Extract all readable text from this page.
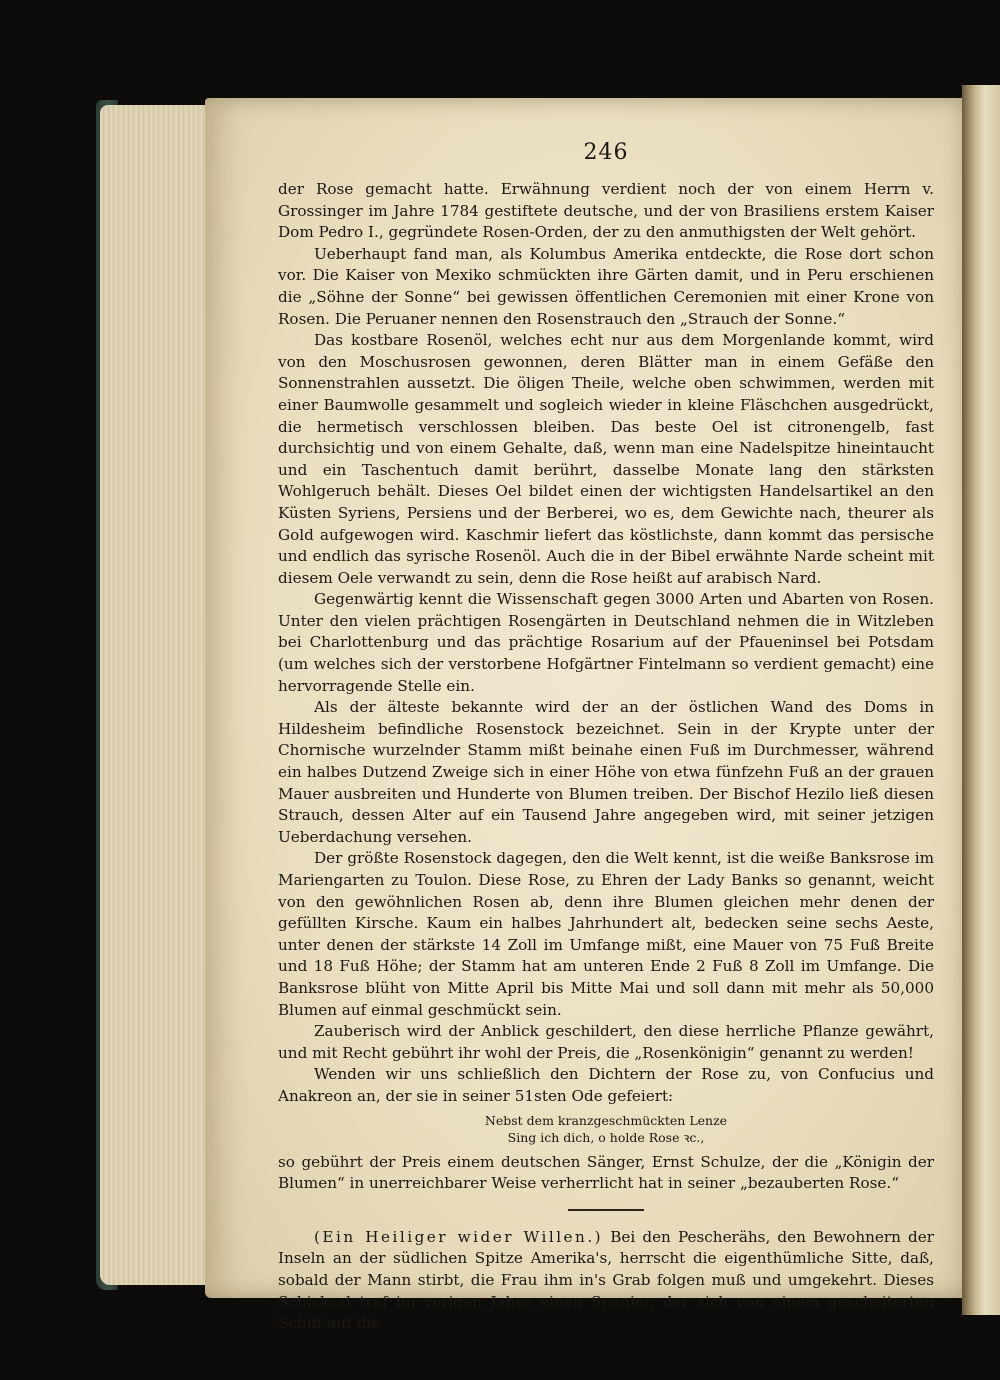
246

der Rose gemacht hatte. Erwähnung verdient noch der von einem Herrn v. Grossinger im Jahre 1784 gestiftete deutsche, und der von Brasiliens erstem Kaiser Dom Pedro I., gegründete Rosen-Orden, der zu den anmuthigsten der Welt gehört.

Ueberhaupt fand man, als Kolumbus Amerika entdeckte, die Rose dort schon vor. Die Kaiser von Mexiko schmückten ihre Gärten damit, und in Peru erschienen die „Söhne der Sonne“ bei gewissen öffentlichen Ceremonien mit einer Krone von Rosen. Die Peruaner nennen den Rosenstrauch den „Strauch der Sonne.“

Das kostbare Rosenöl, welches echt nur aus dem Morgenlande kommt, wird von den Moschusrosen gewonnen, deren Blätter man in einem Gefäße den Sonnenstrahlen aussetzt. Die öligen Theile, welche oben schwimmen, werden mit einer Baumwolle gesammelt und sogleich wieder in kleine Fläschchen ausgedrückt, die hermetisch verschlossen bleiben. Das beste Oel ist citronengelb, fast durchsichtig und von einem Gehalte, daß, wenn man eine Nadelspitze hineintaucht und ein Taschentuch damit berührt, dasselbe Monate lang den stärksten Wohlgeruch behält. Dieses Oel bildet einen der wichtigsten Handelsartikel an den Küsten Syriens, Persiens und der Berberei, wo es, dem Gewichte nach, theurer als Gold aufgewogen wird. Kaschmir liefert das köstlichste, dann kommt das persische und endlich das syrische Rosenöl. Auch die in der Bibel erwähnte Narde scheint mit diesem Oele verwandt zu sein, denn die Rose heißt auf arabisch Nard.

Gegenwärtig kennt die Wissenschaft gegen 3000 Arten und Abarten von Rosen. Unter den vielen prächtigen Rosengärten in Deutschland nehmen die in Witzleben bei Charlottenburg und das prächtige Rosarium auf der Pfaueninsel bei Potsdam (um welches sich der verstorbene Hofgärtner Fintelmann so verdient gemacht) eine hervorragende Stelle ein.

Als der älteste bekannte wird der an der östlichen Wand des Doms in Hildesheim befindliche Rosenstock bezeichnet. Sein in der Krypte unter der Chornische wurzelnder Stamm mißt beinahe einen Fuß im Durchmesser, während ein halbes Dutzend Zweige sich in einer Höhe von etwa fünfzehn Fuß an der grauen Mauer ausbreiten und Hunderte von Blumen treiben. Der Bischof Hezilo ließ diesen Strauch, dessen Alter auf ein Tausend Jahre angegeben wird, mit seiner jetzigen Ueberdachung versehen.

Der größte Rosenstock dagegen, den die Welt kennt, ist die weiße Banksrose im Mariengarten zu Toulon. Diese Rose, zu Ehren der Lady Banks so genannt, weicht von den gewöhnlichen Rosen ab, denn ihre Blumen gleichen mehr denen der gefüllten Kirsche. Kaum ein halbes Jahrhundert alt, bedecken seine sechs Aeste, unter denen der stärkste 14 Zoll im Umfange mißt, eine Mauer von 75 Fuß Breite und 18 Fuß Höhe; der Stamm hat am unteren Ende 2 Fuß 8 Zoll im Umfange. Die Banksrose blüht von Mitte April bis Mitte Mai und soll dann mit mehr als 50,000 Blumen auf einmal geschmückt sein.

Zauberisch wird der Anblick geschildert, den diese herrliche Pflanze gewährt, und mit Recht gebührt ihr wohl der Preis, die „Rosenkönigin“ genannt zu werden!

Wenden wir uns schließlich den Dichtern der Rose zu, von Confucius und Anakreon an, der sie in seiner 51sten Ode gefeiert:

Nebst dem kranzgeschmückten Lenze
Sing ich dich, o holde Rose ꝛc.,

so gebührt der Preis einem deutschen Sänger, Ernst Schulze, der die „Königin der Blumen“ in unerreichbarer Weise verherrlicht hat in seiner „bezauberten Rose.“

(Ein Heiliger wider Willen.) Bei den Pescherähs, den Bewohnern der Inseln an der südlichen Spitze Amerika's, herrscht die eigenthümliche Sitte, daß, sobald der Mann stirbt, die Frau ihm in's Grab folgen muß und umgekehrt. Dieses Schicksal traf im vorigen Jahre einen Spanier, der sich von einem gescheiterten Schiff auf die
